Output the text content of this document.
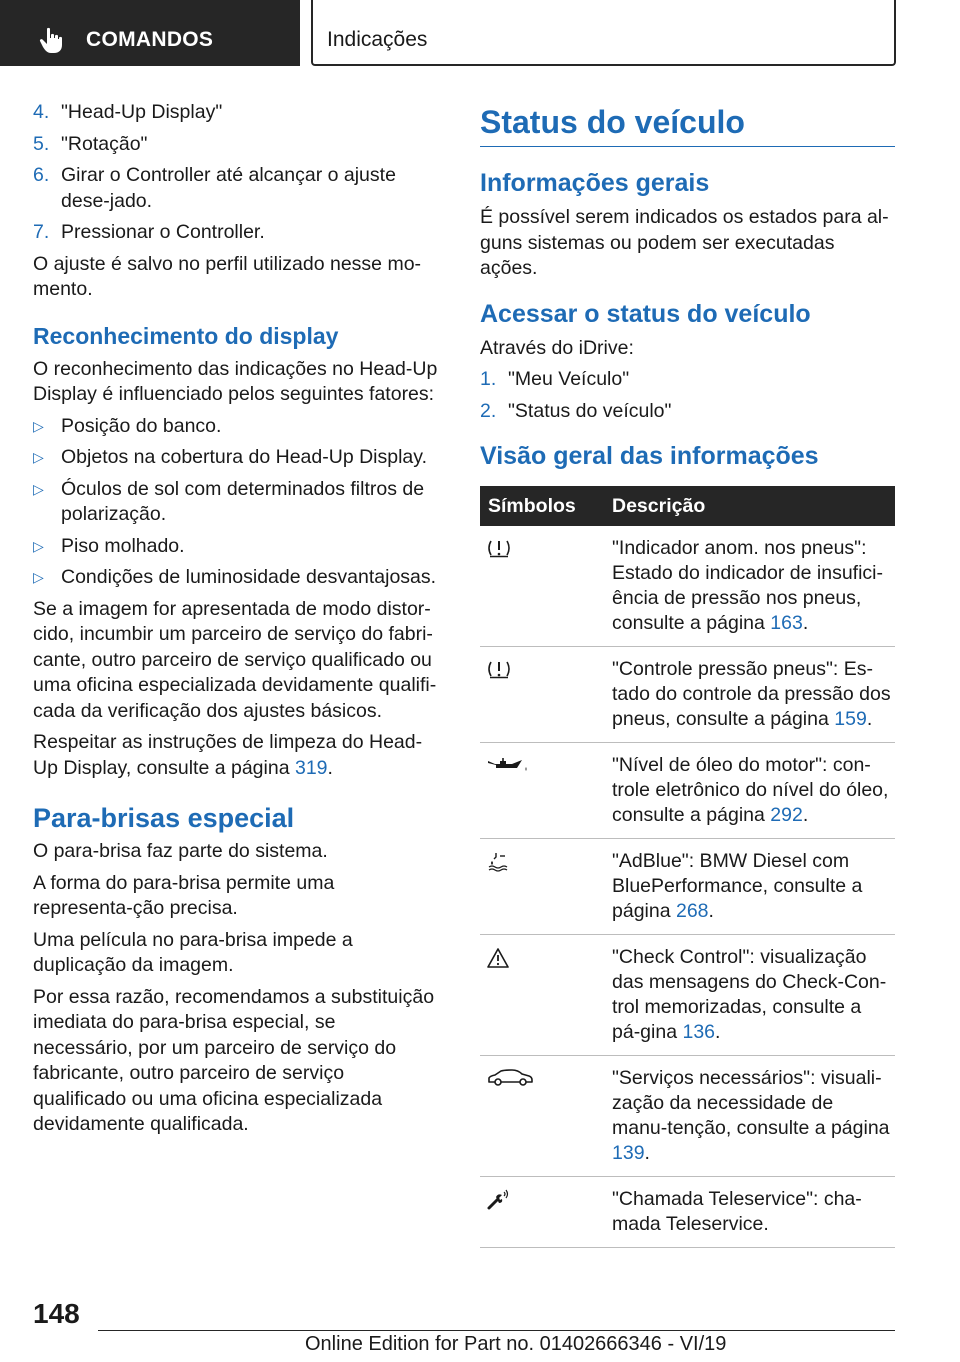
COMANDOS	Indicações
4. "Head-Up Display"
5. "Rotação"
6. Girar o Controller até alcançar o ajuste dese-jado.
7. Pressionar o Controller.

O ajuste é salvo no perfil utilizado nesse mo-mento.

Reconhecimento do display

O reconhecimento das indicações no Head-Up Display é influenciado pelos seguintes fatores:

▷ Posição do banco.
▷ Objetos na cobertura do Head-Up Display.
▷ Óculos de sol com determinados filtros de polarização.
▷ Piso molhado.
▷ Condições de luminosidade desvantajosas.

Se a imagem for apresentada de modo distor-cido, incumbir um parceiro de serviço do fabri-cante, outro parceiro de serviço qualificado ou uma oficina especializada devidamente qualifi-cada da verificação dos ajustes básicos.

Respeitar as instruções de limpeza do Head-Up Display, consulte a página 319.

Para-brisas especial

O para-brisa faz parte do sistema.

A forma do para-brisa permite uma representa-ção precisa.

Uma película no para-brisa impede a duplicação da imagem.

Por essa razão, recomendamos a substituição imediata do para-brisa especial, se necessário, por um parceiro de serviço do fabricante, outro parceiro de serviço qualificado ou uma oficina especializada devidamente qualificada.

Status do veículo
Informações gerais

É possível serem indicados os estados para al-guns sistemas ou podem ser executadas ações.

Acessar o status do veículo

Através do iDrive:

1. "Meu Veículo"
2. "Status do veículo"
Visão geral das informações
Símbolos	Descrição

	"Indicador anom. nos pneus": Estado do indicador de insufici-ência de pressão nos pneus, consulte a página 163.

	"Controle pressão pneus": Es-tado do controle da pressão dos pneus, consulte a página 159.

	"Nível de óleo do motor": con-trole eletrônico do nível do óleo, consulte a página 292.

	"AdBlue": BMW Diesel com BluePerformance, consulte a página 268.

	"Check Control": visualização das mensagens do Check-Con-trol memorizadas, consulte a pá-gina 136.

	"Serviços necessários": visuali-zação da necessidade de manu-tenção, consulte a página 139.

	"Chamada Teleservice": cha-mada Teleservice.
148
Online Edition for Part no. 01402666346 - VI/19
